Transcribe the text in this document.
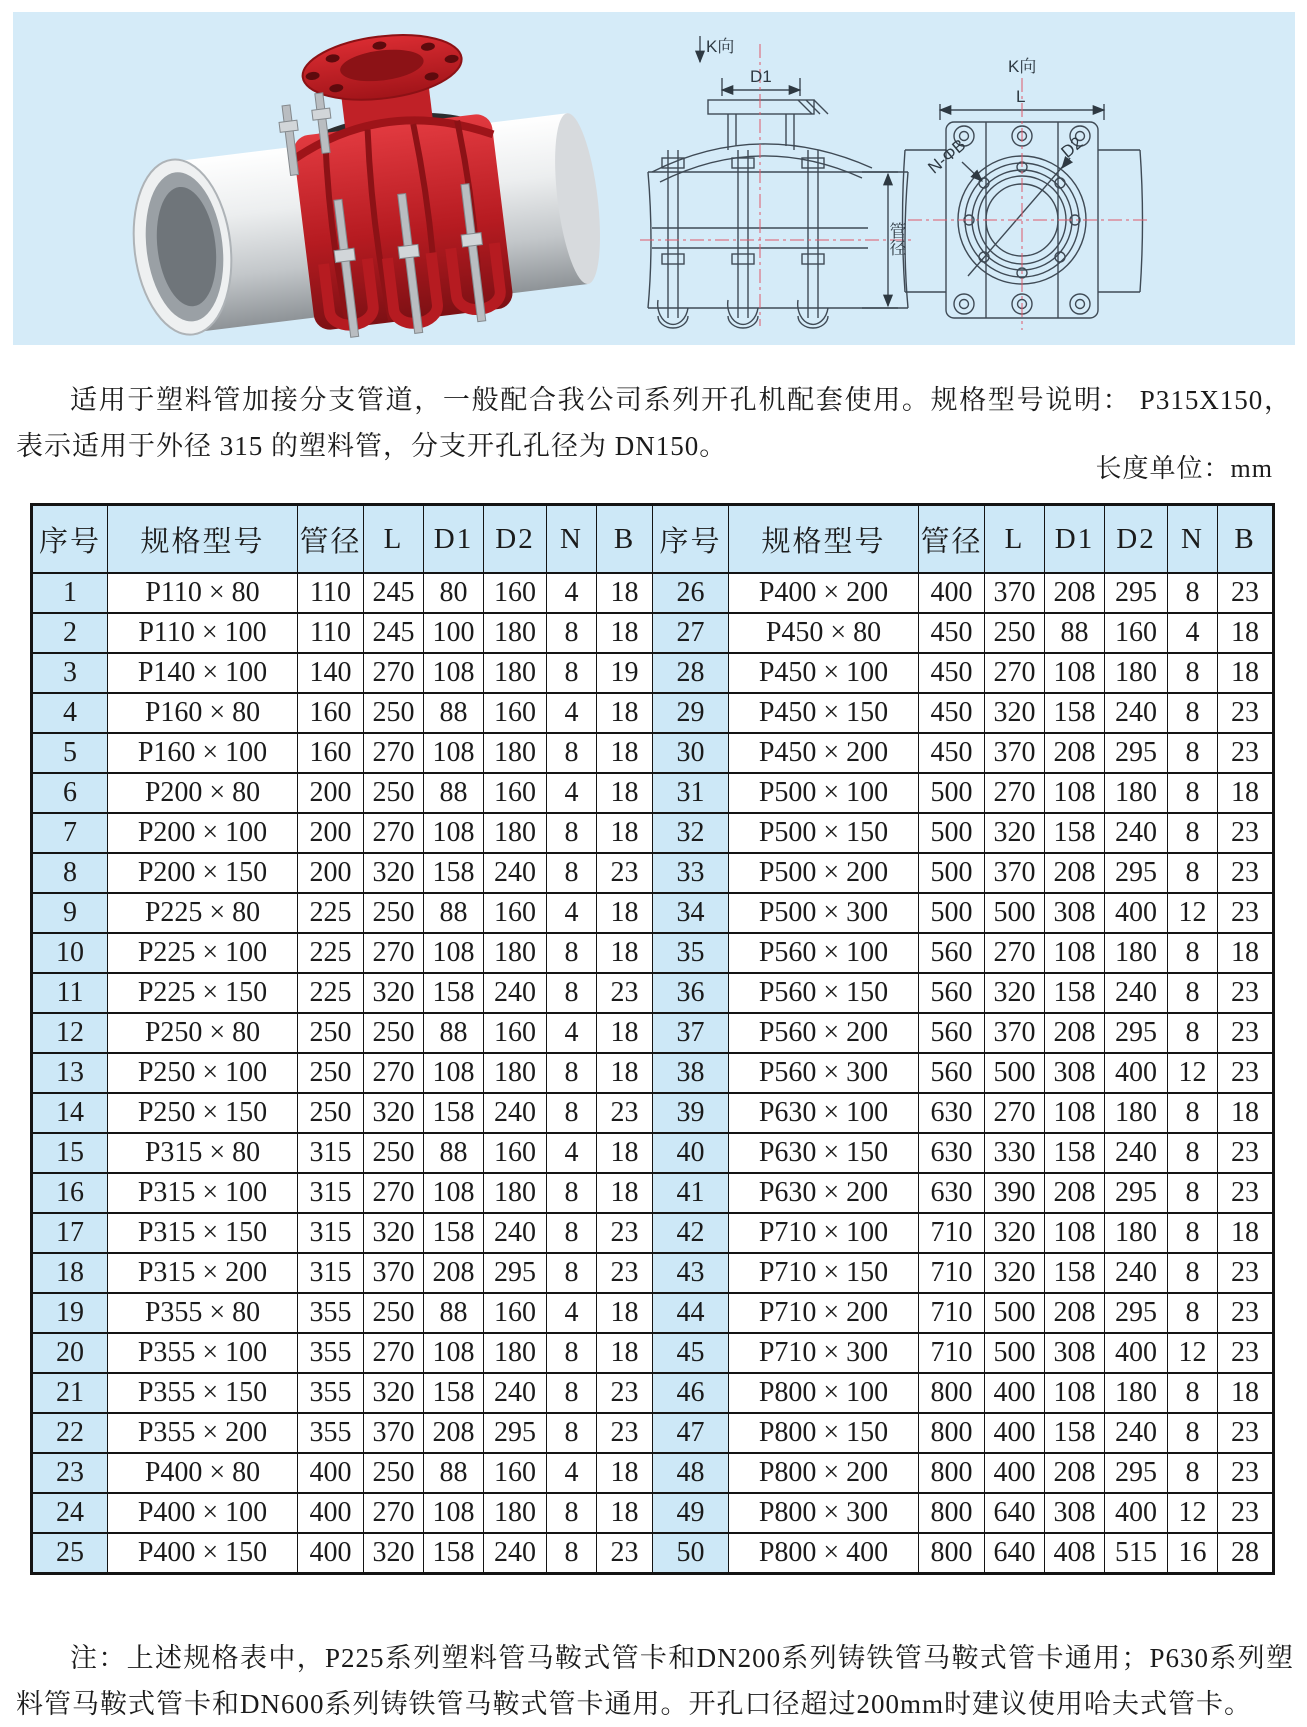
K向
D1
管径
K向
L
N-ΦB	D2

适用于塑料管加接分支管道，一般配合我公司系列开孔机配套使用。规格型号说明： P315X150，表示适用于外径 315 的塑料管，分支开孔孔径为 DN150。

长度单位：mm
序号	规格型号	管径	L	D1	D2	N	B	序号	规格型号	管径	L	D1	D2	N	B
1	P110 × 80	110	245	80	160	4	18	26	P400 × 200	400	370	208	295	8	23
2	P110 × 100	110	245	100	180	8	18	27	P450 × 80	450	250	88	160	4	18
3	P140 × 100	140	270	108	180	8	19	28	P450 × 100	450	270	108	180	8	18
4	P160 × 80	160	250	88	160	4	18	29	P450 × 150	450	320	158	240	8	23
5	P160 × 100	160	270	108	180	8	18	30	P450 × 200	450	370	208	295	8	23
6	P200 × 80	200	250	88	160	4	18	31	P500 × 100	500	270	108	180	8	18
7	P200 × 100	200	270	108	180	8	18	32	P500 × 150	500	320	158	240	8	23
8	P200 × 150	200	320	158	240	8	23	33	P500 × 200	500	370	208	295	8	23
9	P225 × 80	225	250	88	160	4	18	34	P500 × 300	500	500	308	400	12	23
10	P225 × 100	225	270	108	180	8	18	35	P560 × 100	560	270	108	180	8	18
11	P225 × 150	225	320	158	240	8	23	36	P560 × 150	560	320	158	240	8	23
12	P250 × 80	250	250	88	160	4	18	37	P560 × 200	560	370	208	295	8	23
13	P250 × 100	250	270	108	180	8	18	38	P560 × 300	560	500	308	400	12	23
14	P250 × 150	250	320	158	240	8	23	39	P630 × 100	630	270	108	180	8	18
15	P315 × 80	315	250	88	160	4	18	40	P630 × 150	630	330	158	240	8	23
16	P315 × 100	315	270	108	180	8	18	41	P630 × 200	630	390	208	295	8	23
17	P315 × 150	315	320	158	240	8	23	42	P710 × 100	710	320	108	180	8	18
18	P315 × 200	315	370	208	295	8	23	43	P710 × 150	710	320	158	240	8	23
19	P355 × 80	355	250	88	160	4	18	44	P710 × 200	710	500	208	295	8	23
20	P355 × 100	355	270	108	180	8	18	45	P710 × 300	710	500	308	400	12	23
21	P355 × 150	355	320	158	240	8	23	46	P800 × 100	800	400	108	180	8	18
22	P355 × 200	355	370	208	295	8	23	47	P800 × 150	800	400	158	240	8	23
23	P400 × 80	400	250	88	160	4	18	48	P800 × 200	800	400	208	295	8	23
24	P400 × 100	400	270	108	180	8	18	49	P800 × 300	800	640	308	400	12	23
25	P400 × 150	400	320	158	240	8	23	50	P800 × 400	800	640	408	515	16	28

注：上述规格表中，P225系列塑料管马鞍式管卡和DN200系列铸铁管马鞍式管卡通用；P630系列塑料管马鞍式管卡和DN600系列铸铁管马鞍式管卡通用。开孔口径超过200mm时建议使用哈夫式管卡。
